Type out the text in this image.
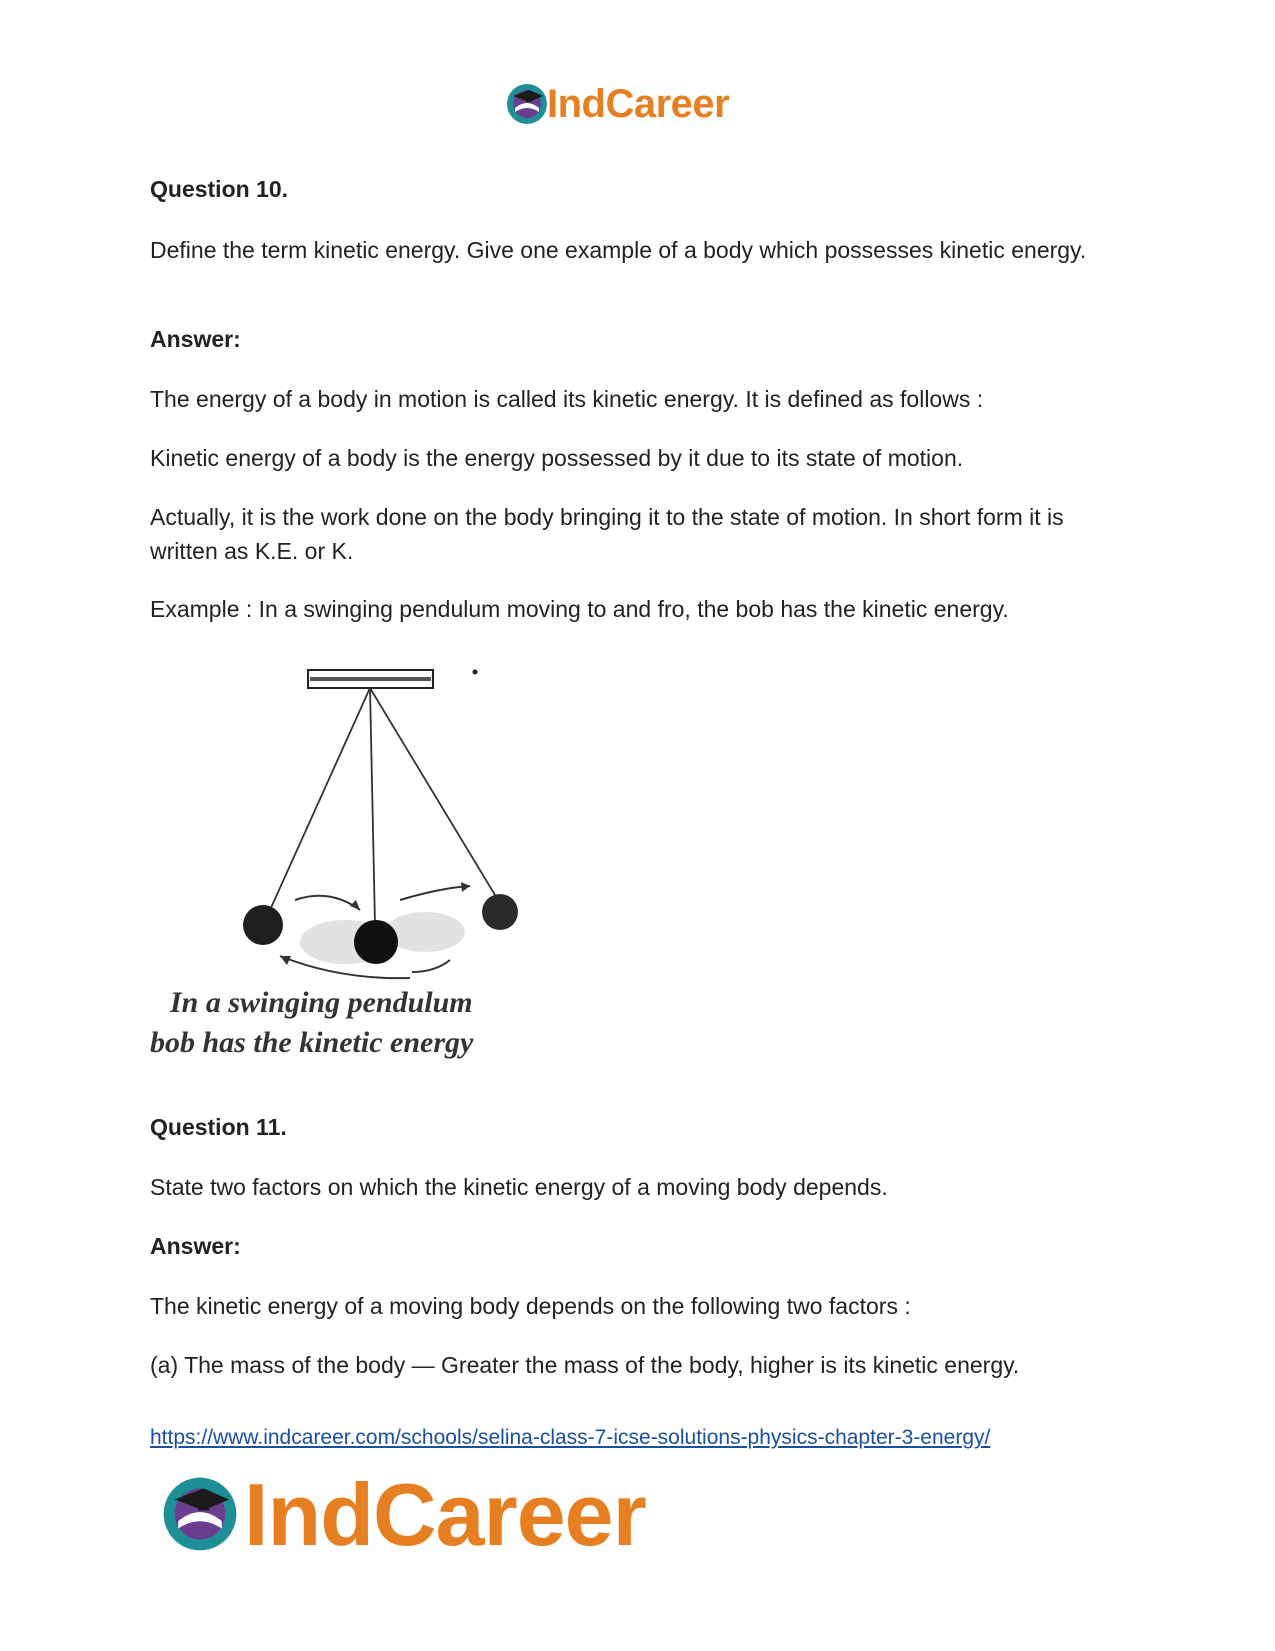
IndCareer

Question 10.

Define the term kinetic energy. Give one example of a body which possesses kinetic energy.

Answer:

The energy of a body in motion is called its kinetic energy. It is defined as follows :

Kinetic energy of a body is the energy possessed by it due to its state of motion.

Actually, it is the work done on the body bringing it to the state of motion. In short form it is written as K.E. or K.

Example : In a swinging pendulum moving to and fro, the bob has the kinetic energy.

In a swinging pendulum
bob has the kinetic energy

Question 11.

State two factors on which the kinetic energy of a moving body depends.

Answer:

The kinetic energy of a moving body depends on the following two factors :

(a) The mass of the body — Greater the mass of the body, higher is its kinetic energy.

https://www.indcareer.com/schools/selina-class-7-icse-solutions-physics-chapter-3-energy/
IndCareer
